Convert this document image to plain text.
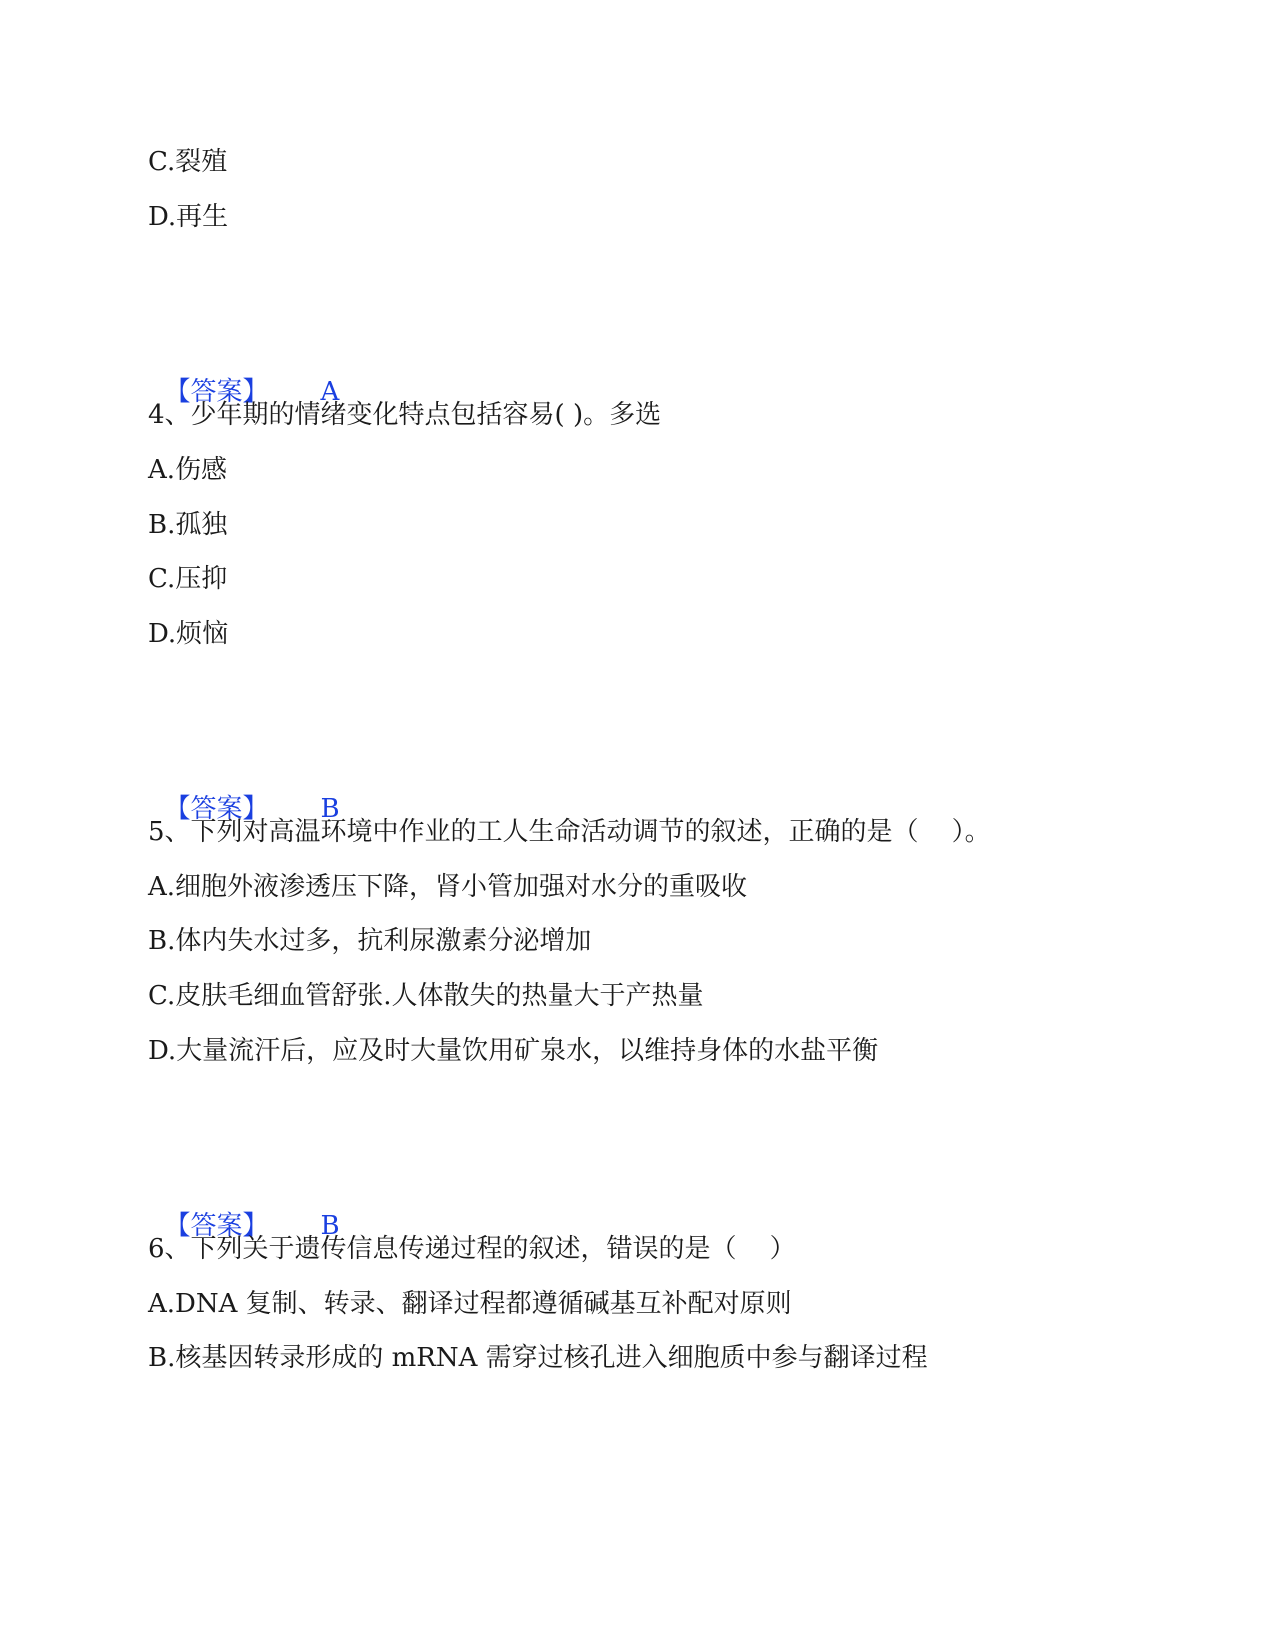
C.裂殖
D.再生

【答案】 A

4、少年期的情绪变化特点包括容易( )。多选
A.伤感
B.孤独
C.压抑
D.烦恼

【答案】 B

5、下列对高温环境中作业的工人生命活动调节的叙述，正确的是（    ）。
A.细胞外液渗透压下降，肾小管加强对水分的重吸收
B.体内失水过多，抗利尿激素分泌增加
C.皮肤毛细血管舒张.人体散失的热量大于产热量
D.大量流汗后，应及时大量饮用矿泉水，以维持身体的水盐平衡

【答案】 B

6、下列关于遗传信息传递过程的叙述，错误的是（    ）
A.DNA 复制、转录、翻译过程都遵循碱基互补配对原则
B.核基因转录形成的 mRNA 需穿过核孔进入细胞质中参与翻译过程
